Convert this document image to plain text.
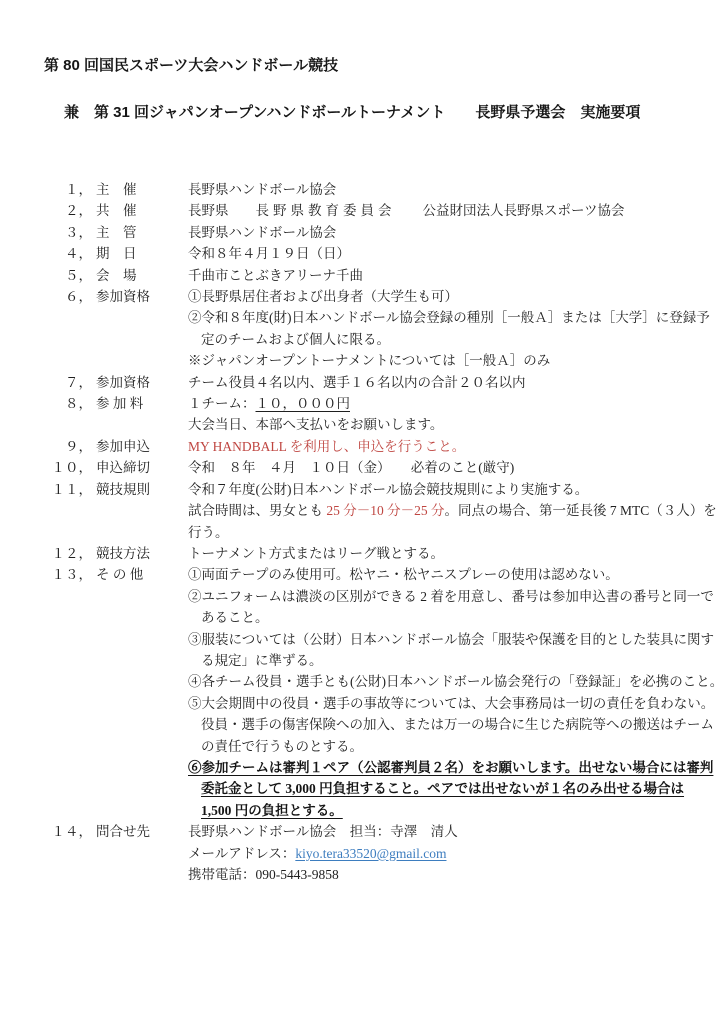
第 80 回国民スポーツ大会ハンドボール競技
兼　第 31 回ジャパンオープンハンドボールトーナメント　　長野県予選会　実施要項
１， 主　催	長野県ハンドボール協会
２， 共　催	長野県　　長野県教育委員会　　公益財団法人長野県スポーツ協会
３， 主　管	長野県ハンドボール協会
４， 期　日	令和８年４月１９日（日）
５， 会　場	千曲市ことぶきアリーナ千曲
６， 参加資格	①長野県居住者および出身者（大学生も可）
②令和８年度(財)日本ハンドボール協会登録の種別［一般Ａ］または［大学］に登録予
定のチームおよび個人に限る。
※ジャパンオープントーナメントについては［一般Ａ］のみ
７， 参加資格	チーム役員４名以内、選手１６名以内の合計２０名以内
８， 参 加 料	１チーム：１０，０００円
大会当日、本部へ支払いをお願いします。
９， 参加申込	MY HANDBALL を利用し、申込を行うこと。
１０， 申込締切	令和　８年　４月　１０日（金）　　必着のこと(厳守)
１１， 競技規則	令和７年度(公財)日本ハンドボール協会競技規則により実施する。
試合時間は、男女とも 25 分－10 分－25 分。同点の場合、第一延長後 7 MTC（３人）を
行う。
１２， 競技方法	トーナメント方式またはリーグ戦とする。
１３， そ の 他	①両面テープのみ使用可。松ヤニ・松ヤニスプレーの使用は認めない。
②ユニフォームは濃淡の区別ができる 2 着を用意し、番号は参加申込書の番号と同一で
あること。
③服装については（公財）日本ハンドボール協会「服装や保護を目的とした装具に関す
る規定」に準ずる。
④各チーム役員・選手とも(公財)日本ハンドボール協会発行の「登録証」を必携のこと。
⑤大会期間中の役員・選手の事故等については、大会事務局は一切の責任を負わない。
役員・選手の傷害保険への加入、または万一の場合に生じた病院等への搬送はチーム
の責任で行うものとする。
⑥参加チームは審判１ペア（公認審判員２名）をお願いします。出せない場合には審判
委託金として 3,000 円負担すること。ペアでは出せないが１名のみ出せる場合は
1,500 円の負担とする。
１４， 問合せ先	長野県ハンドボール協会　担当：寺澤　清人
メールアドレス：kiyo.tera33520@gmail.com
携帯電話：090-5443-9858
